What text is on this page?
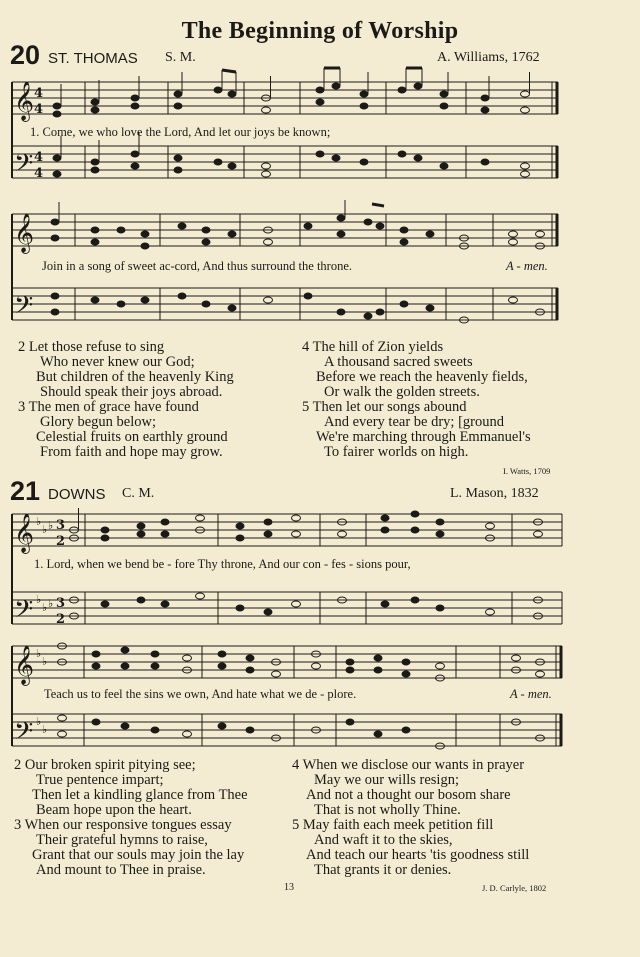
The Beginning of Worship
20 ST. THOMAS S. M.	A. Williams, 1762
𝄞
𝄢
4
4
4
4
1. Come, we who love the Lord, And let our joys be known;
𝄞
𝄢
Join in a song of sweet ac-cord, And thus surround the throne.	A - men.
2 Let those refuse to sing
Who never knew our God;
But children of the heavenly King
Should speak their joys abroad.
3 The men of grace have found
Glory begun below;
Celestial fruits on earthly ground
From faith and hope may grow.
4 The hill of Zion yields
A thousand sacred sweets
Before we reach the heavenly fields,
Or walk the golden streets.
5 Then let our songs abound
And every tear be dry; [ground
We're marching through Emmanuel's
To fairer worlds on high.
I. Watts, 1709
21 DOWNS C. M.	L. Mason, 1832
𝄞
𝄢
♭
♭ ♭
♭
♭ ♭
3
2
3
2
1. Lord, when we bend be - fore Thy throne, And our con - fes - sions pour,
𝄞
𝄢
♭
♭
♭
♭
Teach us to feel the sins we own, And hate what we de - plore.	A - men.
2 Our broken spirit pitying see;
True pentence impart;
Then let a kindling glance from Thee
Beam hope upon the heart.
3 When our responsive tongues essay
Their grateful hymns to raise,
Grant that our souls may join the lay
And mount to Thee in praise.
4 When we disclose our wants in prayer
May we our wills resign;
And not a thought our bosom share
That is not wholly Thine.
5 May faith each meek petition fill
And waft it to the skies,
And teach our hearts 'tis goodness still
That grants it or denies.
13	J. D. Carlyle, 1802
